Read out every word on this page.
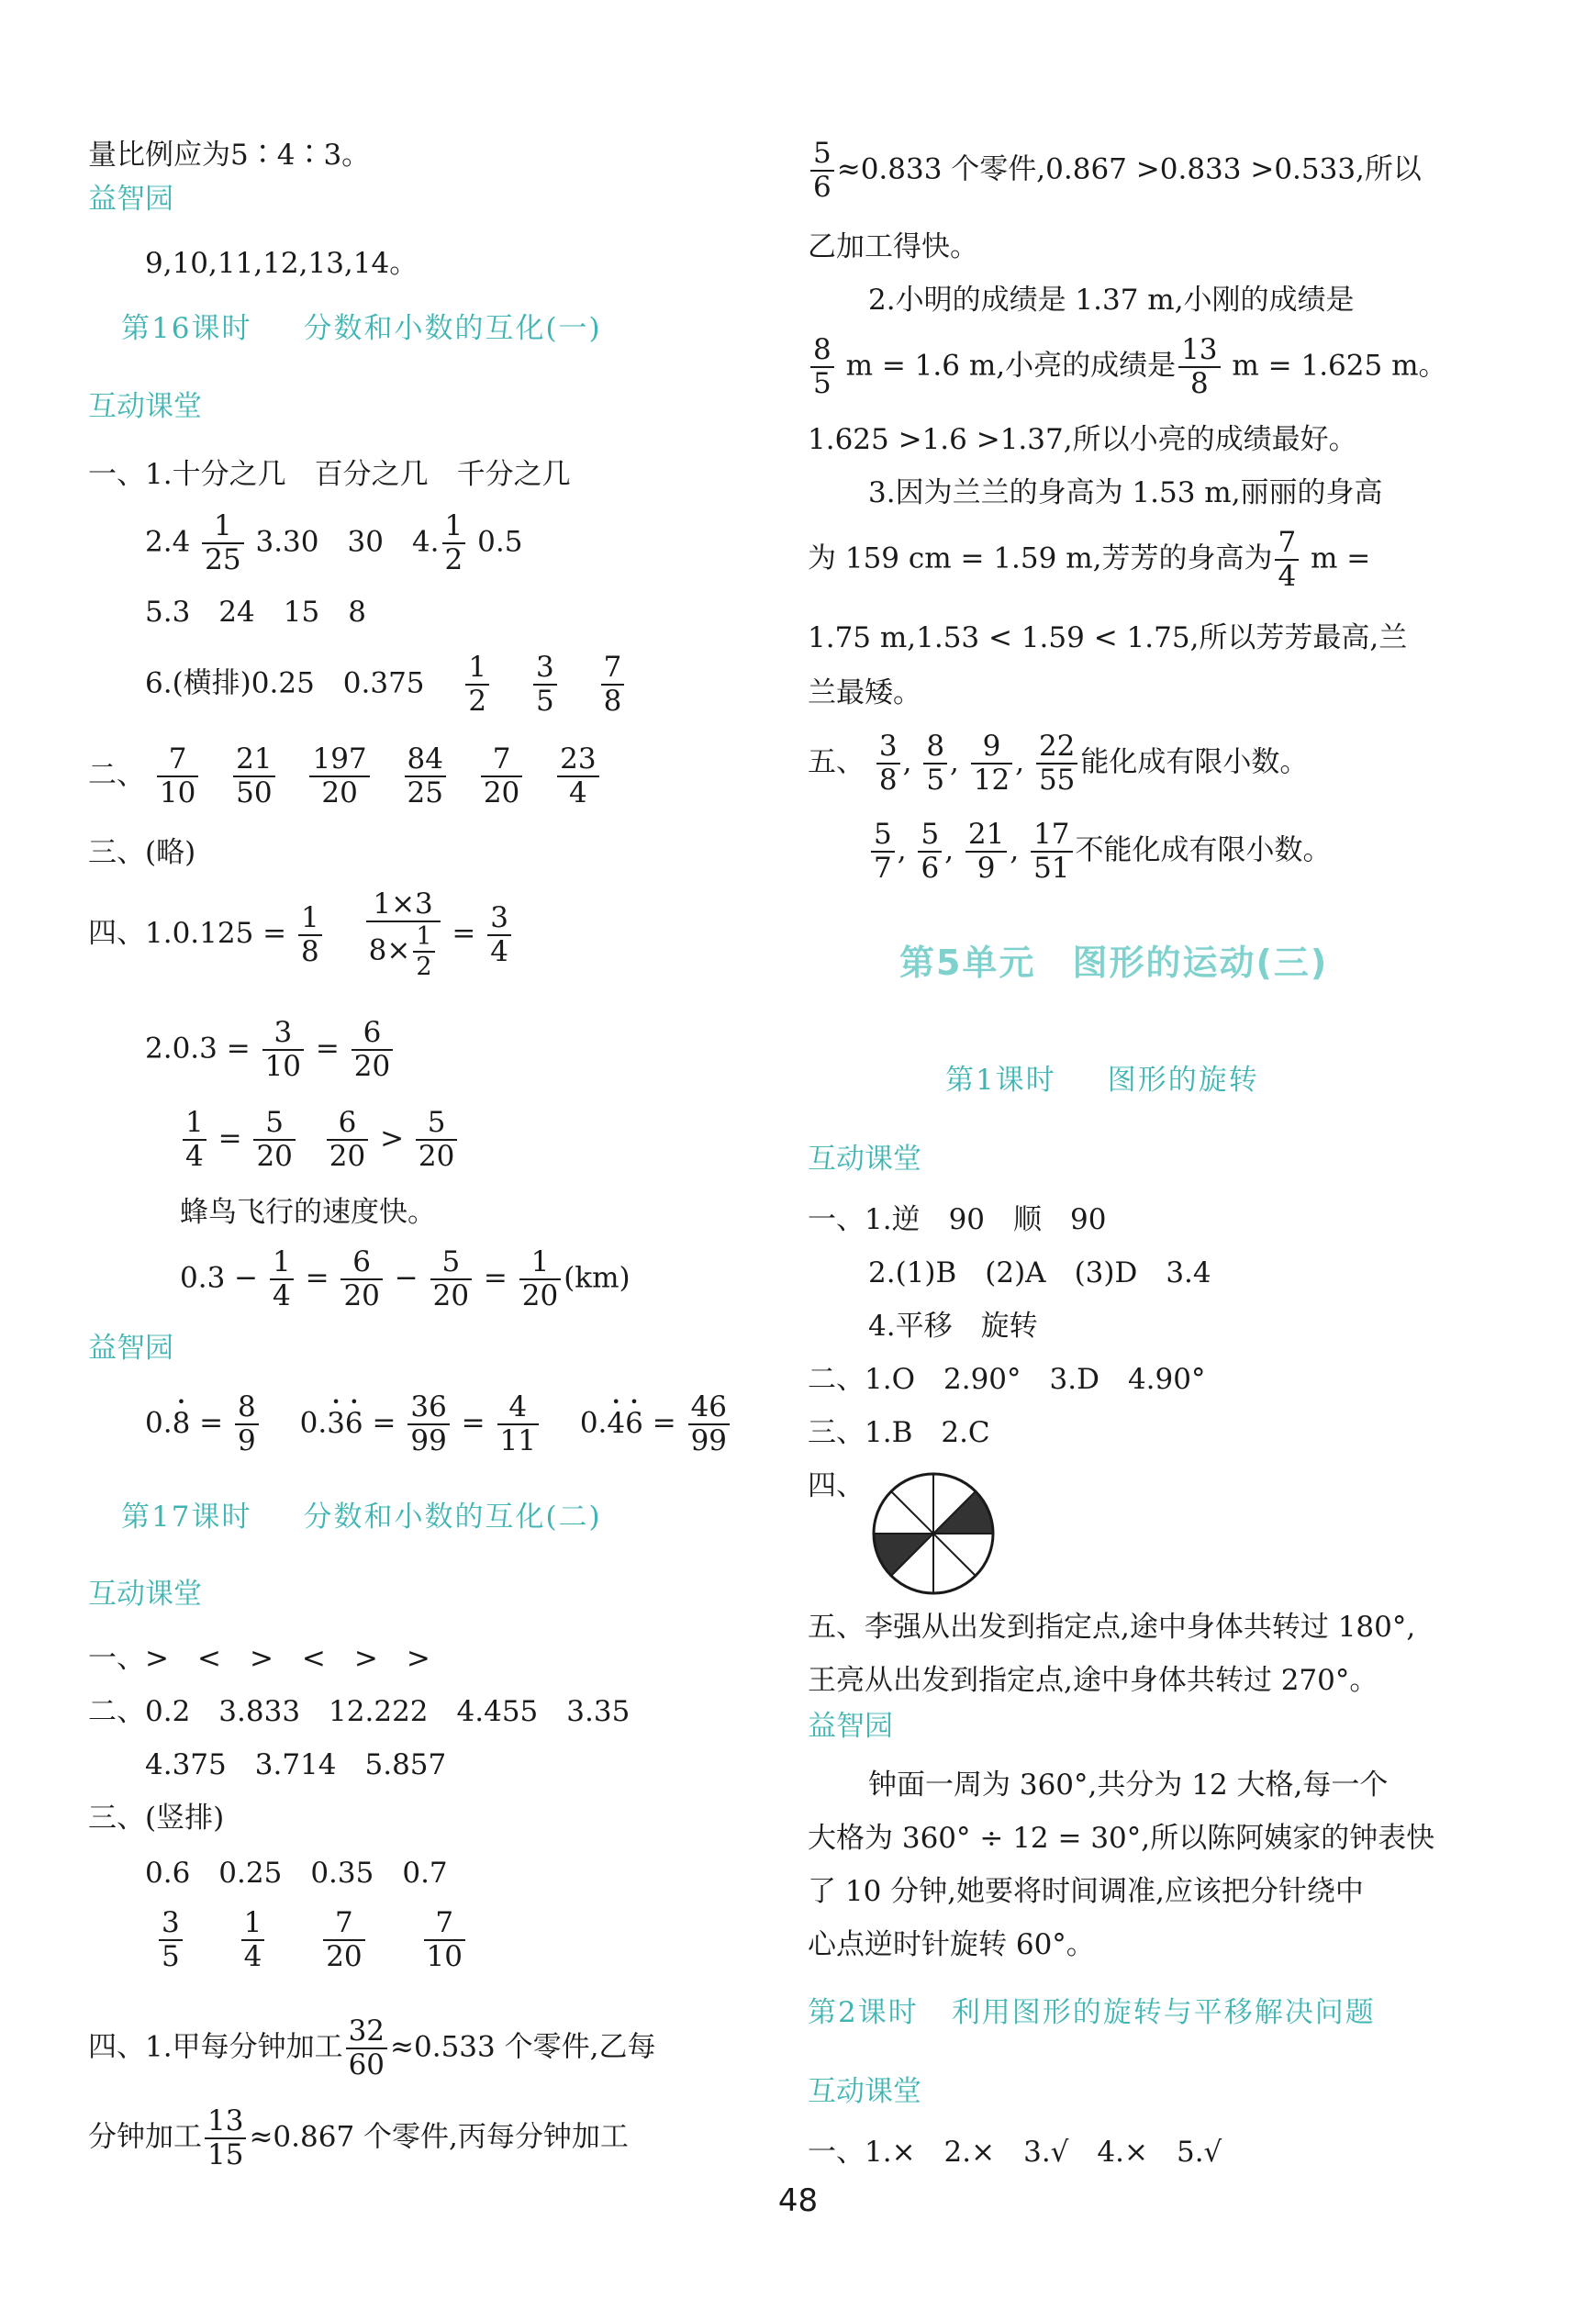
量比例应为5∶4∶3。
益智园
9,10,11,12,13,14。
第16课时 分数和小数的互化(一)
互动课堂
一、1.十分之几　百分之几　千分之几
$2.4 \frac{1}{25} 3.30$　30　4. $\frac{1}{2} 0.5$
5.3　24　15　8
6.(横排)0.25　$0.375 \frac{1}{2}$
$\frac{3}{5}$
$\frac{7}{8}$
二、 $\frac{7}{10}$
$\frac{21}{50}$
$\frac{197}{20}$
$\frac{84}{25}$
$\frac{7}{20}$
$\frac{23}{4}$
三、(略)
四、$1.0.125 = \frac{1}{8}$
$\frac{1\times 3}{8\times \frac{1}{2}} = \frac{3}{4}$
$2.0.3 = \frac{3}{10} = \frac{6}{20}$
$\frac{1}{4} = \frac{5}{20}$
$\frac{6}{20} > \frac{5}{20}$
蜂鸟飞行的速度快。
$0.3 - \frac{1}{4} = \frac{6}{20} - \frac{5}{20} = \frac{1}{20} (km)$
益智园
0.• $8 = \frac{8}{9}$ 0.• 3• $6 = \frac{36}{99} = \frac{4}{11}$ 0.• 4• $6 = \frac{46}{99}$
第17课时 分数和小数的互化(二)
互动课堂
一、>　<　>　<　>　>
二、0.2　3.833　12.222　4.455　3.35
4.375　3.714　5.857
三、(竖排)
0.6　0.25　0.35　0.7
$\frac{3}{5}$
$\frac{1}{4}$
$\frac{7}{20}$
$\frac{7}{10}$
四、1.甲每分钟加工 $\frac{32}{60} \approx 0.533$ 个零件,乙每
分钟加工 $\frac{13}{15} \approx 0.867$ 个零件,丙每分钟加工
$\frac{5}{6} \approx 0.833$ 个零件,0.867 >0.833 >0.533,所以
乙加工得快。
2.小明的成绩是 1.37 m,小刚的成绩是
$\frac{8}{5}$ m = 1.6 m,小亮的成绩是 $\frac{13}{8}$ m = 1.625 m。
1.625 >1.6 >1.37,所以小亮的成绩最好。
3.因为兰兰的身高为 1.53 m,丽丽的身高
为 159 cm = 1.59 m,芳芳的身高为 $\frac{7}{4}$ m =
1.75 m,1.53 < 1.59 < 1.75,所以芳芳最高,兰
兰最矮。
五、 $\frac{3}{8}$ , $\frac{8}{5}$ , $\frac{9}{12}$ , $\frac{22}{55}$ 能化成有限小数。
$\frac{5}{7}$ , $\frac{5}{6}$ , $\frac{21}{9}$ , $\frac{17}{51}$ 不能化成有限小数。
第5单元 图形的运动(三)
第1课时 图形的旋转
互动课堂
一、1.逆　90　顺　90
2.(1)B　(2)A　(3)D　3.4
4.平移　旋转
二、1.O　2.90°　3.D　4.90°
三、1.B　2.C
四、
五、李强从出发到指定点,途中身体共转过 180°,
王亮从出发到指定点,途中身体共转过 270°。
益智园
钟面一周为 360°,共分为 12 大格,每一个
大格为 360° ÷ 12 = 30°,所以陈阿姨家的钟表快
了 10 分钟,她要将时间调准,应该把分针绕中
心点逆时针旋转 60°。
第2课时 利用图形的旋转与平移解决问题
互动课堂
一、1.×　2.×　3.√　4.×　5.√
48
